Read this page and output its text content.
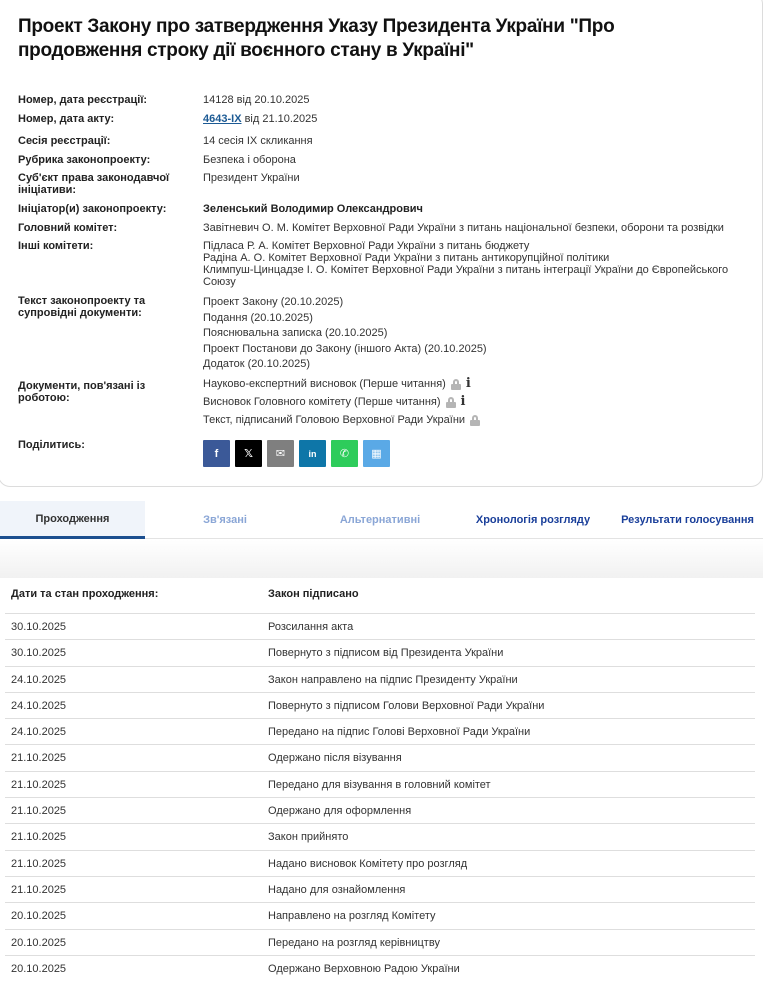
Проект Закону про затвердження Указу Президента України "Про продовження строку дії воєнного стану в Україні"
Номер, дата реєстрації:	14128 від 20.10.2025
Номер, дата акту:	4643-IX від 21.10.2025
Сесія реєстрації:	14 сесія IX скликання
Рубрика законопроекту:	Безпека і оборона
Суб'єкт права законодавчої ініціативи:
Президент України
Ініціатор(и) законопроекту:	Зеленський Володимир Олександрович
Головний комітет:	Завітневич О. М. Комітет Верховної Ради України з питань національної безпеки, оборони та розвідки
Інші комітети:	Підласа Р. А. Комітет Верховної Ради України з питань бюджету
Радіна А. О. Комітет Верховної Ради України з питань антикорупційної політики
Климпуш-Цинцадзе І. О. Комітет Верховної Ради України з питань інтеграції України до Європейського Союзу
Текст законопроекту та супровідні документи:
Проект Закону (20.10.2025)
Подання (20.10.2025)
Пояснювальна записка (20.10.2025)
Проект Постанови до Закону (іншого Акта) (20.10.2025)
Додаток (20.10.2025)
Документи, пов'язані із роботою:
Науково-експертний висновок (Перше читання) i
Висновок Головного комітету (Перше читання) i
Текст, підписаний Головою Верховної Ради України
Поділитись:
f 𝕏 ✉	in ✆ ▦
Проходження	Зв'язані	Альтернативні	Хронологія розгляду	Результати голосування
Дати та стан проходження:	Закон підписано
30.10.2025	Розсилання акта
30.10.2025	Повернуто з підписом від Президента України
24.10.2025	Закон направлено на підпис Президенту України
24.10.2025	Повернуто з підписом Голови Верховної Ради України
24.10.2025	Передано на підпис Голові Верховної Ради України
21.10.2025	Одержано після візування
21.10.2025	Передано для візування в головний комітет
21.10.2025	Одержано для оформлення
21.10.2025	Закон прийнято
21.10.2025	Надано висновок Комітету про розгляд
21.10.2025	Надано для ознайомлення
20.10.2025	Направлено на розгляд Комітету
20.10.2025	Передано на розгляд керівництву
20.10.2025	Одержано Верховною Радою України
